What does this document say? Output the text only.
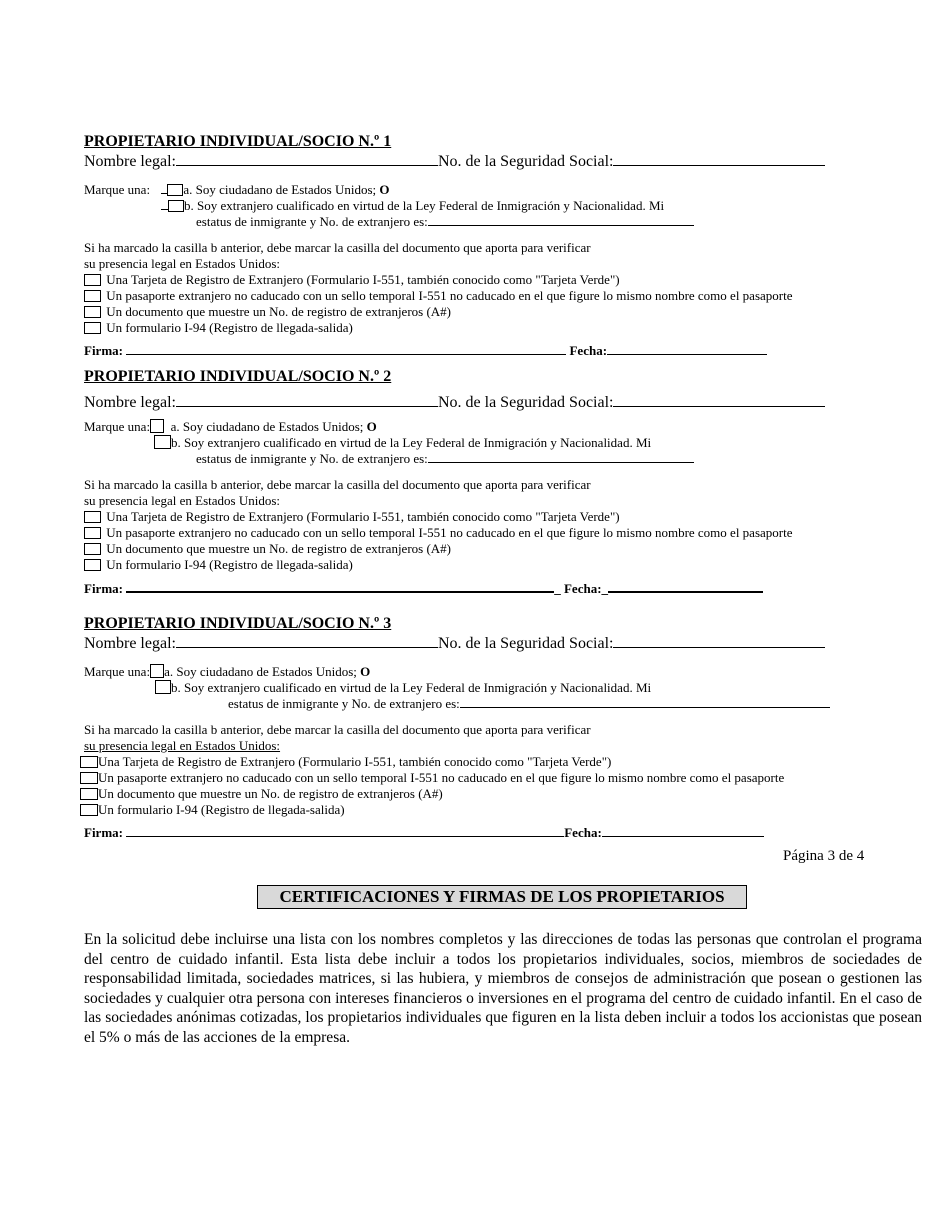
PROPIETARIO INDIVIDUAL/SOCIO N.º 1
Nombre legal:	No. de la Seguridad Social:
Marque una:	a. Soy ciudadano de Estados Unidos; O
b. Soy extranjero cualificado en virtud de la Ley Federal de Inmigración y Nacionalidad. Mi
estatus de inmigrante y No. de extranjero es:
Si ha marcado la casilla b anterior, debe marcar la casilla del documento que aporta para verificar
su presencia legal en Estados Unidos:
Una Tarjeta de Registro de Extranjero (Formulario I-551, también conocido como "Tarjeta Verde")
Un pasaporte extranjero no caducado con un sello temporal I-551 no caducado en el que figure lo mismo nombre como el pasaporte
Un documento que muestre un No. de registro de extranjeros (A#)
Un formulario I-94 (Registro de llegada-salida)
Firma:	Fecha:
PROPIETARIO INDIVIDUAL/SOCIO N.º 2
Nombre legal:	No. de la Seguridad Social:
Marque una: a. Soy ciudadano de Estados Unidos; O
b. Soy extranjero cualificado en virtud de la Ley Federal de Inmigración y Nacionalidad. Mi
estatus de inmigrante y No. de extranjero es:
Si ha marcado la casilla b anterior, debe marcar la casilla del documento que aporta para verificar
su presencia legal en Estados Unidos:
Una Tarjeta de Registro de Extranjero (Formulario I-551, también conocido como "Tarjeta Verde")
Un pasaporte extranjero no caducado con un sello temporal I-551 no caducado en el que figure lo mismo nombre como el pasaporte
Un documento que muestre un No. de registro de extranjeros (A#)
Un formulario I-94 (Registro de llegada-salida)
Firma:	_ Fecha:_
PROPIETARIO INDIVIDUAL/SOCIO N.º 3
Nombre legal:	No. de la Seguridad Social:
Marque una: a. Soy ciudadano de Estados Unidos; O
b. Soy extranjero cualificado en virtud de la Ley Federal de Inmigración y Nacionalidad. Mi
estatus de inmigrante y No. de extranjero es:
Si ha marcado la casilla b anterior, debe marcar la casilla del documento que aporta para verificar
su presencia legal en Estados Unidos:
Una Tarjeta de Registro de Extranjero (Formulario I-551, también conocido como "Tarjeta Verde")
Un pasaporte extranjero no caducado con un sello temporal I-551 no caducado en el que figure lo mismo nombre como el pasaporte
Un documento que muestre un No. de registro de extranjeros (A#)
Un formulario I-94 (Registro de llegada-salida)
Firma:	Fecha:
Página 3 de 4
CERTIFICACIONES Y FIRMAS DE LOS PROPIETARIOS
En la solicitud debe incluirse una lista con los nombres completos y las direcciones de todas las personas que controlan el programa del centro de cuidado infantil. Esta lista debe incluir a todos los propietarios individuales, socios, miembros de sociedades de responsabilidad limitada, sociedades matrices, si las hubiera, y miembros de consejos de administración que posean o gestionen las sociedades y cualquier otra persona con intereses financieros o inversiones en el programa del centro de cuidado infantil. En el caso de las sociedades anónimas cotizadas, los propietarios individuales que figuren en la lista deben incluir a todos los accionistas que posean el 5% o más de las acciones de la empresa.
